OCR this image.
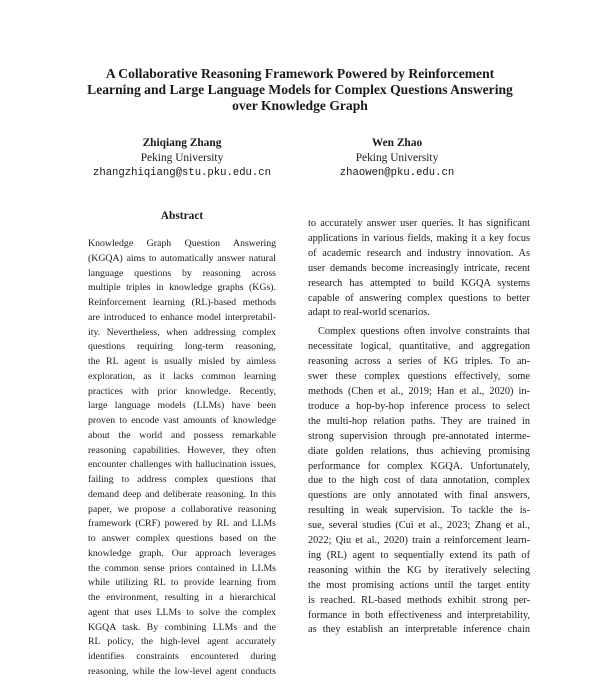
A Collaborative Reasoning Framework Powered by Reinforcement
Learning and Large Language Models for Complex Questions Answering
over Knowledge Graph
Zhiqiang Zhang
Peking University
zhangzhiqiang@stu.pku.edu.cn
Wen Zhao
Peking University
zhaowen@pku.edu.cn
Abstract
Knowledge Graph Question Answering
(KGQA) aims to automatically answer natural
language questions by reasoning across
multiple triples in knowledge graphs (KGs).
Reinforcement learning (RL)-based methods
are introduced to enhance model interpretabil-
ity. Nevertheless, when addressing complex
questions requiring long-term reasoning,
the RL agent is usually misled by aimless
exploration, as it lacks common learning
practices with prior knowledge. Recently,
large language models (LLMs) have been
proven to encode vast amounts of knowledge
about the world and possess remarkable
reasoning capabilities. However, they often
encounter challenges with hallucination issues,
failing to address complex questions that
demand deep and deliberate reasoning. In this
paper, we propose a collaborative reasoning
framework (CRF) powered by RL and LLMs
to answer complex questions based on the
knowledge graph. Our approach leverages
the common sense priors contained in LLMs
while utilizing RL to provide learning from
the environment, resulting in a hierarchical
agent that uses LLMs to solve the complex
KGQA task. By combining LLMs and the
RL policy, the high-level agent accurately
identifies constraints encountered during
reasoning, while the low-level agent conducts
to accurately answer user queries. It has significant
applications in various fields, making it a key focus
of academic research and industry innovation. As
user demands become increasingly intricate, recent
research has attempted to build KGQA systems
capable of answering complex questions to better
adapt to real-world scenarios.
Complex questions often involve constraints that
necessitate logical, quantitative, and aggregation
reasoning across a series of KG triples. To an-
swer these complex questions effectively, some
methods (Chen et al., 2019; Han et al., 2020) in-
troduce a hop-by-hop inference process to select
the multi-hop relation paths. They are trained in
strong supervision through pre-annotated interme-
diate golden relations, thus achieving promising
performance for complex KGQA. Unfortunately,
due to the high cost of data annotation, complex
questions are only annotated with final answers,
resulting in weak supervision. To tackle the is-
sue, several studies (Cui et al., 2023; Zhang et al.,
2022; Qiu et al., 2020) train a reinforcement learn-
ing (RL) agent to sequentially extend its path of
reasoning within the KG by iteratively selecting
the most promising actions until the target entity
is reached. RL-based methods exhibit strong per-
formance in both effectiveness and interpretability,
as they establish an interpretable inference chain
